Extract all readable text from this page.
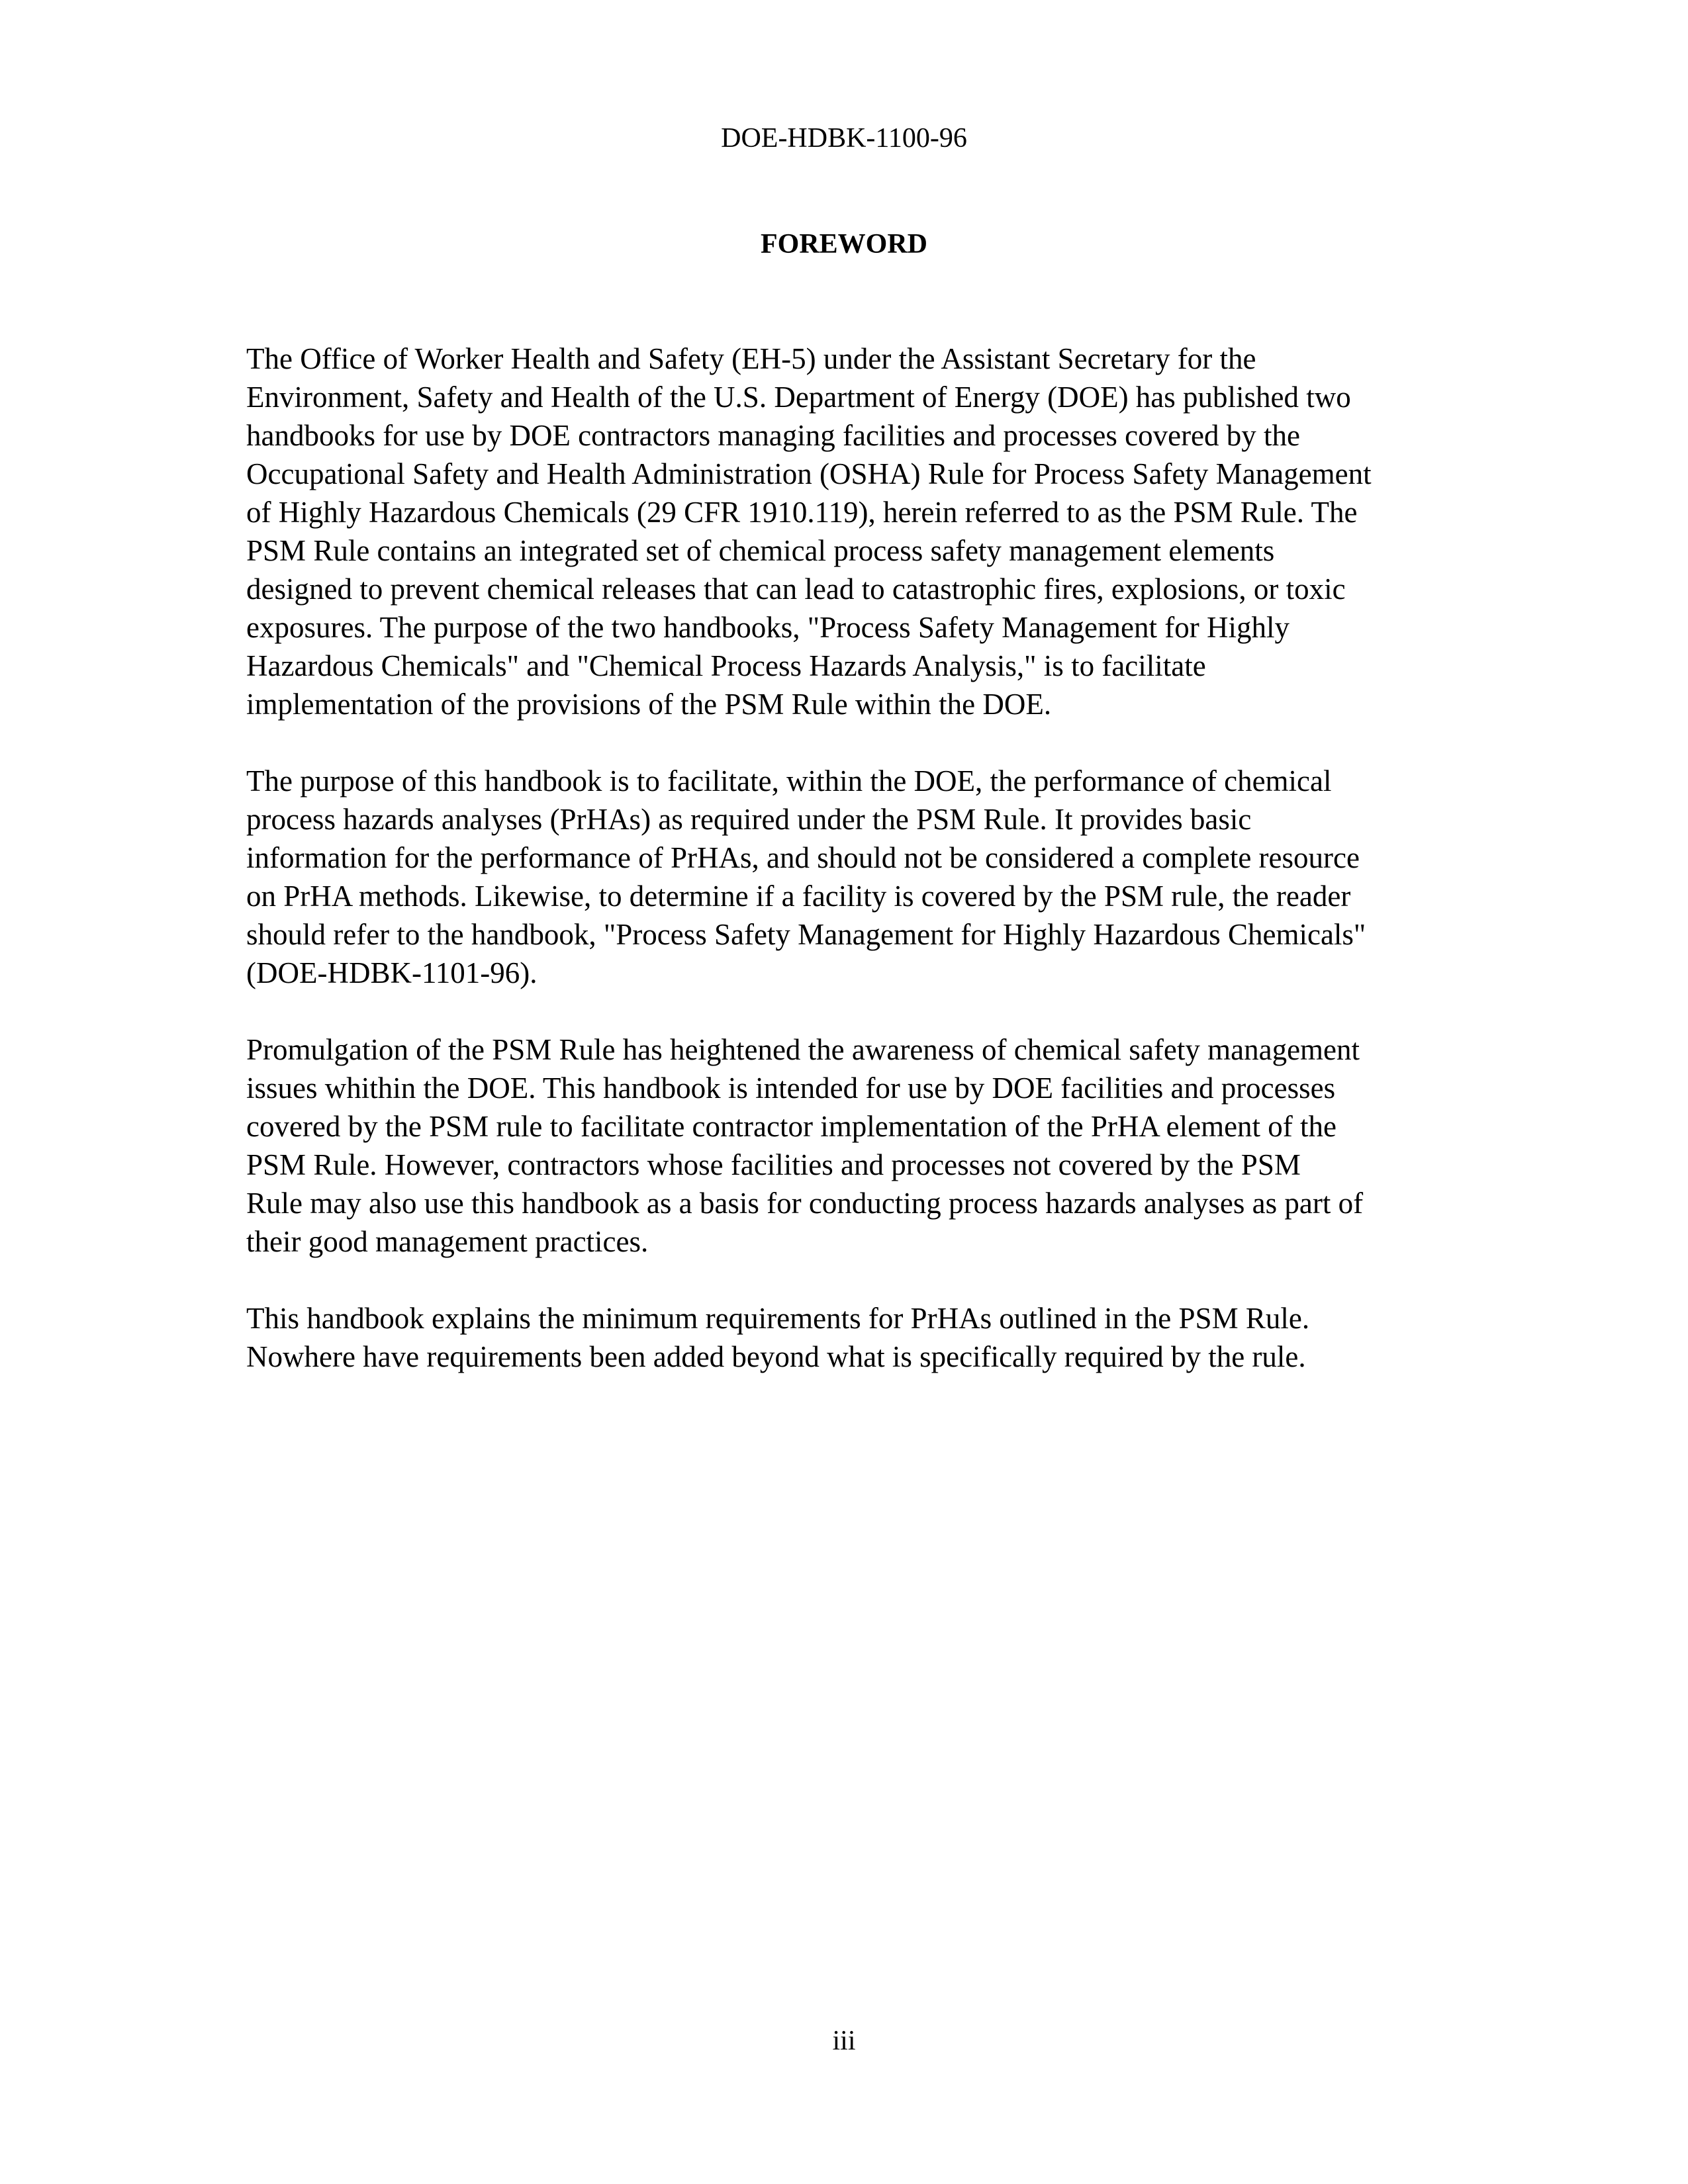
DOE-HDBK-1100-96

FOREWORD

The Office of Worker Health and Safety (EH-5) under the Assistant Secretary for the
Environment, Safety and Health of the U.S. Department of Energy (DOE) has published two
handbooks for use by DOE contractors managing facilities and processes covered by the
Occupational Safety and Health Administration (OSHA) Rule for Process Safety Management
of Highly Hazardous Chemicals (29 CFR 1910.119), herein referred to as the PSM Rule. The
PSM Rule contains an integrated set of chemical process safety management elements
designed to prevent chemical releases that can lead to catastrophic fires, explosions, or toxic
exposures. The purpose of the two handbooks, "Process Safety Management for Highly
Hazardous Chemicals" and "Chemical Process Hazards Analysis," is to facilitate
implementation of the provisions of the PSM Rule within the DOE.
The purpose of this handbook is to facilitate, within the DOE, the performance of chemical
process hazards analyses (PrHAs) as required under the PSM Rule. It provides basic
information for the performance of PrHAs, and should not be considered a complete resource
on PrHA methods. Likewise, to determine if a facility is covered by the PSM rule, the reader
should refer to the handbook, "Process Safety Management for Highly Hazardous Chemicals"
(DOE-HDBK-1101-96).
Promulgation of the PSM Rule has heightened the awareness of chemical safety management
issues whithin the DOE. This handbook is intended for use by DOE facilities and processes
covered by the PSM rule to facilitate contractor implementation of the PrHA element of the
PSM Rule. However, contractors whose facilities and processes not covered by the PSM
Rule may also use this handbook as a basis for conducting process hazards analyses as part of
their good management practices.
This handbook explains the minimum requirements for PrHAs outlined in the PSM Rule.
Nowhere have requirements been added beyond what is specifically required by the rule.

iii
